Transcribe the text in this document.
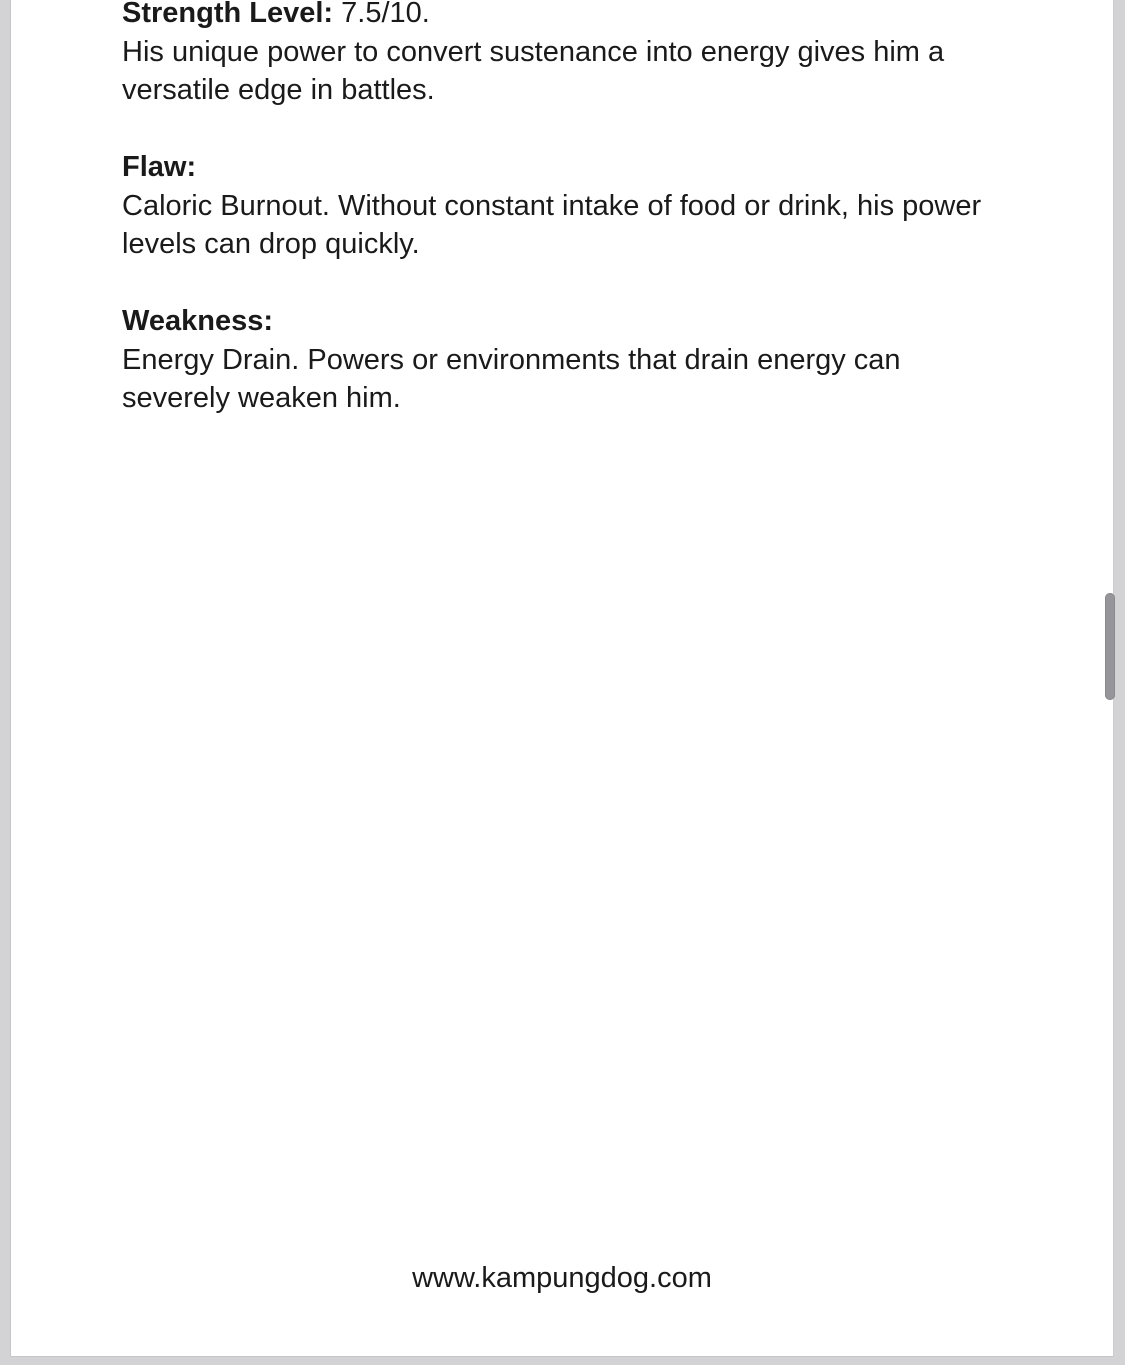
Strength Level: 7.5/10.
His unique power to convert sustenance into energy gives him a
versatile edge in battles.
Flaw:
Caloric Burnout. Without constant intake of food or drink, his power
levels can drop quickly.
Weakness:
Energy Drain. Powers or environments that drain energy can
severely weaken him.
www.kampungdog.com
